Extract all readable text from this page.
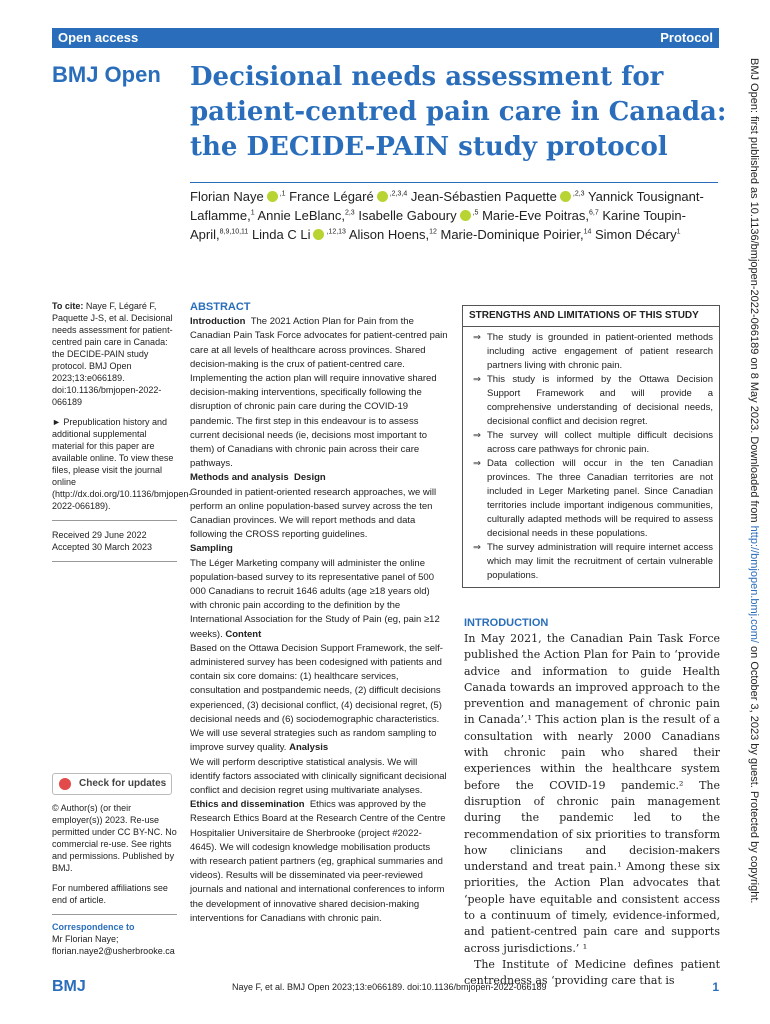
Open access	Protocol
BMJ Open Decisional needs assessment for patient-centred pain care in Canada: the DECIDE-PAIN study protocol
Florian Naye $^{,1}$ France Légaré $^{,2,3,4}$ Jean-Sébastien Paquette $^{,2,3}$ Yannick Tousignant-Laflamme,$^1$ Annie LeBlanc,$^{2,3}$ Isabelle Gaboury $^{,5}$ Marie-Eve Poitras,$^{6,7}$ Karine Toupin-April,$^{8,9,10,11}$ Linda C Li $^{,12,13}$ Alison Hoens,$^{12}$ Marie-Dominique Poirier,$^{14}$ Simon Décary$^1$

To cite: Naye F, Légaré F, Paquette J-S, et al. Decisional needs assessment for patient-centred pain care in Canada: the DECIDE-PAIN study protocol. BMJ Open 2023;13:e066189. doi:10.1136/bmjopen-2022-066189

► Prepublication history and additional supplemental material for this paper are available online. To view these files, please visit the journal online (http://dx.doi.org/10.1136/bmjopen-2022-066189).

Received 29 June 2022
Accepted 30 March 2023
Check for updates

© Author(s) (or their employer(s)) 2023. Re-use permitted under CC BY-NC. No commercial re-use. See rights and permissions. Published by BMJ.

For numbered affiliations see end of article.

Correspondence to
Mr Florian Naye;
florian.naye2@usherbrooke.ca
ABSTRACT

Introduction The 2021 Action Plan for Pain from the Canadian Pain Task Force advocates for patient-centred pain care at all levels of healthcare across provinces. Shared decision-making is the crux of patient-centred care. Implementing the action plan will require innovative shared decision-making interventions, specifically following the disruption of chronic pain care during the COVID-19 pandemic. The first step in this endeavour is to assess current decisional needs (ie, decisions most important to them) of Canadians with chronic pain across their care pathways.

Methods and analysis Design

Grounded in patient-oriented research approaches, we will perform an online population-based survey across the ten Canadian provinces. We will report methods and data following the CROSS reporting guidelines.

Sampling

The Léger Marketing company will administer the online population-based survey to its representative panel of 500 000 Canadians to recruit 1646 adults (age ≥18 years old) with chronic pain according to the definition by the International Association for the Study of Pain (eg, pain ≥12 weeks). Content

Based on the Ottawa Decision Support Framework, the self-administered survey has been codesigned with patients and contain six core domains: (1) healthcare services, consultation and postpandemic needs, (2) difficult decisions experienced, (3) decisional conflict, (4) decisional regret, (5) decisional needs and (6) sociodemographic characteristics. We will use several strategies such as random sampling to improve survey quality. Analysis

We will perform descriptive statistical analysis. We will identify factors associated with clinically significant decisional conflict and decision regret using multivariate analyses.

Ethics and dissemination Ethics was approved by the Research Ethics Board at the Research Centre of the Centre Hospitalier Universitaire de Sherbrooke (project #2022-4645). We will codesign knowledge mobilisation products with research patient partners (eg, graphical summaries and videos). Results will be disseminated via peer-reviewed journals and national and international conferences to inform the development of innovative shared decision-making interventions for Canadians with chronic pain.

STRENGTHS AND LIMITATIONS OF THIS STUDY
⇒ The study is grounded in patient-oriented methods including active engagement of patient research partners living with chronic pain.
⇒ This study is informed by the Ottawa Decision Support Framework and will provide a comprehensive understanding of decisional needs, decisional conflict and decision regret.
⇒ The survey will collect multiple difficult decisions across care pathways for chronic pain.
⇒ Data collection will occur in the ten Canadian provinces. The three Canadian territories are not included in Leger Marketing panel. Since Canadian territories include important indigenous communities, culturally adapted methods will be required to assess decisional needs in these populations.
⇒ The survey administration will require internet access which may limit the recruitment of certain vulnerable populations.
INTRODUCTION

In May 2021, the Canadian Pain Task Force published the Action Plan for Pain to ‘provide advice and information to guide Health Canada towards an improved approach to the prevention and management of chronic pain in Canada’.¹ This action plan is the result of a consultation with nearly 2000 Canadians with chronic pain who shared their experiences within the healthcare system before the COVID-19 pandemic.² The disruption of chronic pain management during the pandemic led to the recommendation of six priorities to transform how clinicians and decision-makers understand and treat pain.¹ Among these six priorities, the Action Plan advocates that ‘people have equitable and consistent access to a continuum of timely, evidence-informed, and patient-centred pain care and supports across jurisdictions.’ ¹

The Institute of Medicine defines patient centredness as ‘providing care that is

BMJ	Naye F, et al. BMJ Open 2023;13:e066189. doi:10.1136/bmjopen-2022-066189	1
BMJ Open: first published as 10.1136/bmjopen-2022-066189 on 8 May 2023. Downloaded from http://bmjopen.bmj.com/ on October 3, 2023 by guest. Protected by copyright.
